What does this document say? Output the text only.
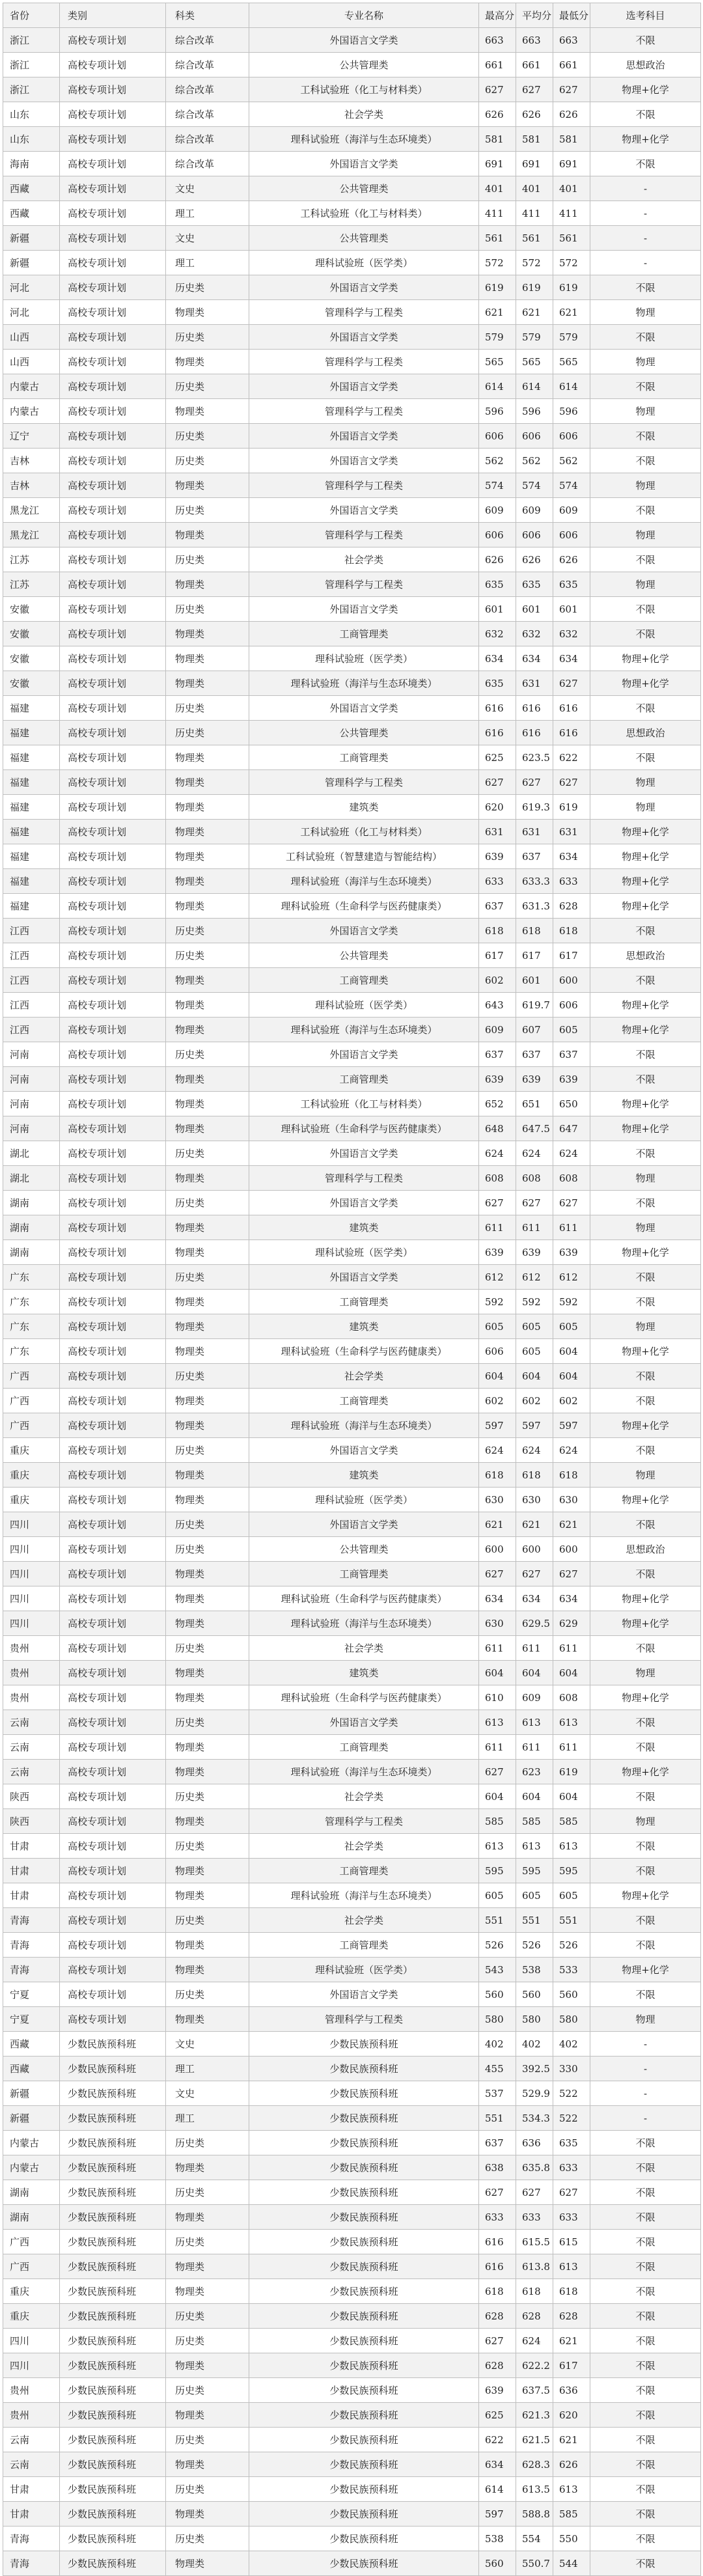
省份	类别	科类	专业名称	最高分	平均分	最低分	选考科目
浙江	高校专项计划	综合改革	外国语言文学类	663	663	663	不限
浙江	高校专项计划	综合改革	公共管理类	661	661	661	思想政治
浙江	高校专项计划	综合改革	工科试验班（化工与材料类）	627	627	627	物理+化学
山东	高校专项计划	综合改革	社会学类	626	626	626	不限
山东	高校专项计划	综合改革	理科试验班（海洋与生态环境类）	581	581	581	物理+化学
海南	高校专项计划	综合改革	外国语言文学类	691	691	691	不限
西藏	高校专项计划	文史	公共管理类	401	401	401	-
西藏	高校专项计划	理工	工科试验班（化工与材料类）	411	411	411	-
新疆	高校专项计划	文史	公共管理类	561	561	561	-
新疆	高校专项计划	理工	理科试验班（医学类）	572	572	572	-
河北	高校专项计划	历史类	外国语言文学类	619	619	619	不限
河北	高校专项计划	物理类	管理科学与工程类	621	621	621	物理
山西	高校专项计划	历史类	外国语言文学类	579	579	579	不限
山西	高校专项计划	物理类	管理科学与工程类	565	565	565	物理
内蒙古	高校专项计划	历史类	外国语言文学类	614	614	614	不限
内蒙古	高校专项计划	物理类	管理科学与工程类	596	596	596	物理
辽宁	高校专项计划	历史类	外国语言文学类	606	606	606	不限
吉林	高校专项计划	历史类	外国语言文学类	562	562	562	不限
吉林	高校专项计划	物理类	管理科学与工程类	574	574	574	物理
黑龙江	高校专项计划	历史类	外国语言文学类	609	609	609	不限
黑龙江	高校专项计划	物理类	管理科学与工程类	606	606	606	物理
江苏	高校专项计划	历史类	社会学类	626	626	626	不限
江苏	高校专项计划	物理类	管理科学与工程类	635	635	635	物理
安徽	高校专项计划	历史类	外国语言文学类	601	601	601	不限
安徽	高校专项计划	物理类	工商管理类	632	632	632	不限
安徽	高校专项计划	物理类	理科试验班（医学类）	634	634	634	物理+化学
安徽	高校专项计划	物理类	理科试验班（海洋与生态环境类）	635	631	627	物理+化学
福建	高校专项计划	历史类	外国语言文学类	616	616	616	不限
福建	高校专项计划	历史类	公共管理类	616	616	616	思想政治
福建	高校专项计划	物理类	工商管理类	625	623.5	622	不限
福建	高校专项计划	物理类	管理科学与工程类	627	627	627	物理
福建	高校专项计划	物理类	建筑类	620	619.3	619	物理
福建	高校专项计划	物理类	工科试验班（化工与材料类）	631	631	631	物理+化学
福建	高校专项计划	物理类	工科试验班（智慧建造与智能结构）	639	637	634	物理+化学
福建	高校专项计划	物理类	理科试验班（海洋与生态环境类）	633	633.3	633	物理+化学
福建	高校专项计划	物理类	理科试验班（生命科学与医药健康类）	637	631.3	628	物理+化学
江西	高校专项计划	历史类	外国语言文学类	618	618	618	不限
江西	高校专项计划	历史类	公共管理类	617	617	617	思想政治
江西	高校专项计划	物理类	工商管理类	602	601	600	不限
江西	高校专项计划	物理类	理科试验班（医学类）	643	619.7	606	物理+化学
江西	高校专项计划	物理类	理科试验班（海洋与生态环境类）	609	607	605	物理+化学
河南	高校专项计划	历史类	外国语言文学类	637	637	637	不限
河南	高校专项计划	物理类	工商管理类	639	639	639	不限
河南	高校专项计划	物理类	工科试验班（化工与材料类）	652	651	650	物理+化学
河南	高校专项计划	物理类	理科试验班（生命科学与医药健康类）	648	647.5	647	物理+化学
湖北	高校专项计划	历史类	外国语言文学类	624	624	624	不限
湖北	高校专项计划	物理类	管理科学与工程类	608	608	608	物理
湖南	高校专项计划	历史类	外国语言文学类	627	627	627	不限
湖南	高校专项计划	物理类	建筑类	611	611	611	物理
湖南	高校专项计划	物理类	理科试验班（医学类）	639	639	639	物理+化学
广东	高校专项计划	历史类	外国语言文学类	612	612	612	不限
广东	高校专项计划	物理类	工商管理类	592	592	592	不限
广东	高校专项计划	物理类	建筑类	605	605	605	物理
广东	高校专项计划	物理类	理科试验班（生命科学与医药健康类）	606	605	604	物理+化学
广西	高校专项计划	历史类	社会学类	604	604	604	不限
广西	高校专项计划	物理类	工商管理类	602	602	602	不限
广西	高校专项计划	物理类	理科试验班（海洋与生态环境类）	597	597	597	物理+化学
重庆	高校专项计划	历史类	外国语言文学类	624	624	624	不限
重庆	高校专项计划	物理类	建筑类	618	618	618	物理
重庆	高校专项计划	物理类	理科试验班（医学类）	630	630	630	物理+化学
四川	高校专项计划	历史类	外国语言文学类	621	621	621	不限
四川	高校专项计划	历史类	公共管理类	600	600	600	思想政治
四川	高校专项计划	物理类	工商管理类	627	627	627	不限
四川	高校专项计划	物理类	理科试验班（生命科学与医药健康类）	634	634	634	物理+化学
四川	高校专项计划	物理类	理科试验班（海洋与生态环境类）	630	629.5	629	物理+化学
贵州	高校专项计划	历史类	社会学类	611	611	611	不限
贵州	高校专项计划	物理类	建筑类	604	604	604	物理
贵州	高校专项计划	物理类	理科试验班（生命科学与医药健康类）	610	609	608	物理+化学
云南	高校专项计划	历史类	外国语言文学类	613	613	613	不限
云南	高校专项计划	物理类	工商管理类	611	611	611	不限
云南	高校专项计划	物理类	理科试验班（海洋与生态环境类）	627	623	619	物理+化学
陕西	高校专项计划	历史类	社会学类	604	604	604	不限
陕西	高校专项计划	物理类	管理科学与工程类	585	585	585	物理
甘肃	高校专项计划	历史类	社会学类	613	613	613	不限
甘肃	高校专项计划	物理类	工商管理类	595	595	595	不限
甘肃	高校专项计划	物理类	理科试验班（海洋与生态环境类）	605	605	605	物理+化学
青海	高校专项计划	历史类	社会学类	551	551	551	不限
青海	高校专项计划	物理类	工商管理类	526	526	526	不限
青海	高校专项计划	物理类	理科试验班（医学类）	543	538	533	物理+化学
宁夏	高校专项计划	历史类	外国语言文学类	560	560	560	不限
宁夏	高校专项计划	物理类	管理科学与工程类	580	580	580	物理
西藏	少数民族预科班	文史	少数民族预科班	402	402	402	-
西藏	少数民族预科班	理工	少数民族预科班	455	392.5	330	-
新疆	少数民族预科班	文史	少数民族预科班	537	529.9	522	-
新疆	少数民族预科班	理工	少数民族预科班	551	534.3	522	-
内蒙古	少数民族预科班	历史类	少数民族预科班	637	636	635	不限
内蒙古	少数民族预科班	物理类	少数民族预科班	638	635.8	633	不限
湖南	少数民族预科班	历史类	少数民族预科班	627	627	627	不限
湖南	少数民族预科班	物理类	少数民族预科班	633	633	633	不限
广西	少数民族预科班	历史类	少数民族预科班	616	615.5	615	不限
广西	少数民族预科班	物理类	少数民族预科班	616	613.8	613	不限
重庆	少数民族预科班	物理类	少数民族预科班	618	618	618	不限
重庆	少数民族预科班	历史类	少数民族预科班	628	628	628	不限
四川	少数民族预科班	历史类	少数民族预科班	627	624	621	不限
四川	少数民族预科班	物理类	少数民族预科班	628	622.2	617	不限
贵州	少数民族预科班	历史类	少数民族预科班	639	637.5	636	不限
贵州	少数民族预科班	物理类	少数民族预科班	625	621.3	620	不限
云南	少数民族预科班	历史类	少数民族预科班	622	621.5	621	不限
云南	少数民族预科班	物理类	少数民族预科班	634	628.3	626	不限
甘肃	少数民族预科班	历史类	少数民族预科班	614	613.5	613	不限
甘肃	少数民族预科班	物理类	少数民族预科班	597	588.8	585	不限
青海	少数民族预科班	历史类	少数民族预科班	538	554	550	不限
青海	少数民族预科班	物理类	少数民族预科班	560	550.7	544	不限
